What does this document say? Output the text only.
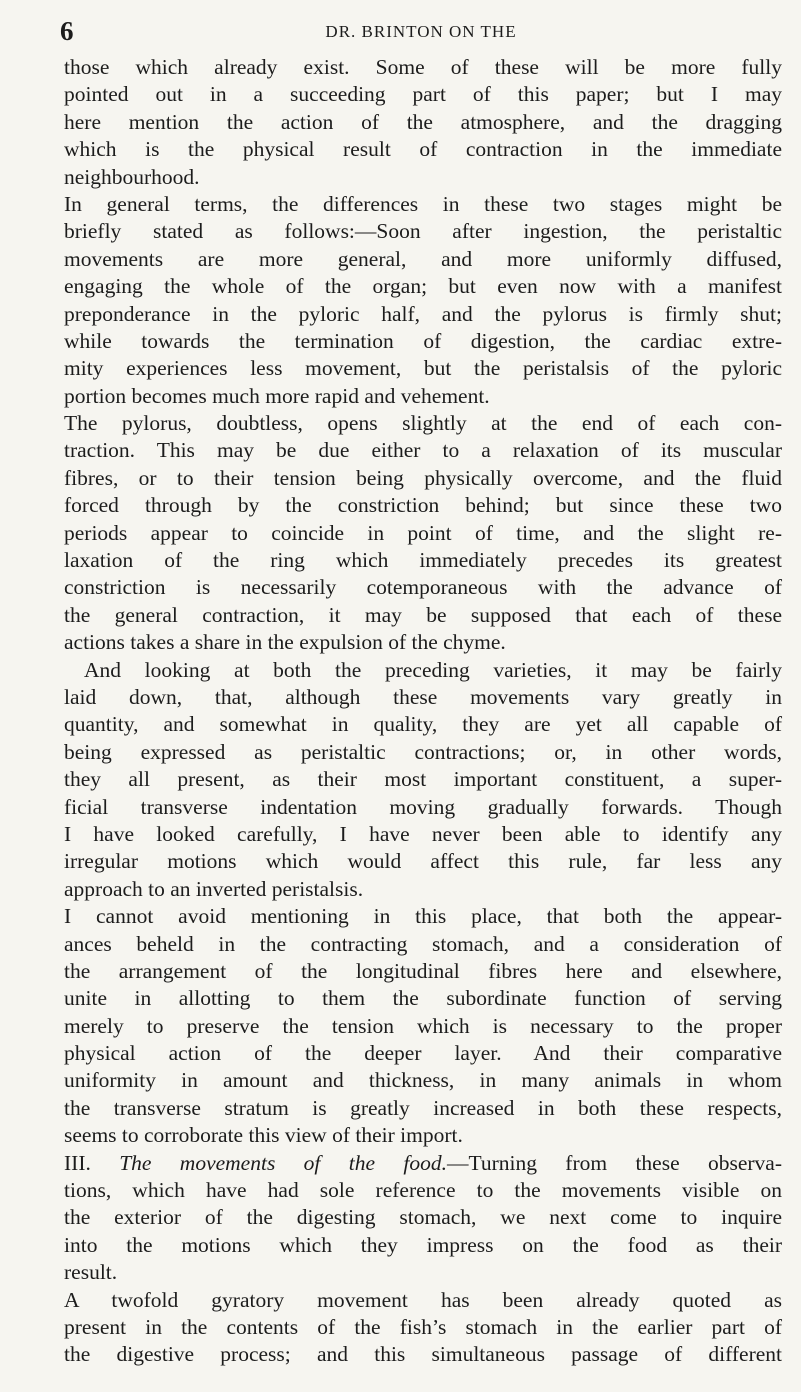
6	DR. BRINTON ON THE
those which already exist. Some of these will be more fully
pointed out in a succeeding part of this paper; but I may
here mention the action of the atmosphere, and the dragging
which is the physical result of contraction in the immediate
neighbourhood.
In general terms, the differences in these two stages might be
briefly stated as follows:—Soon after ingestion, the peristaltic
movements are more general, and more uniformly diffused,
engaging the whole of the organ; but even now with a manifest
preponderance in the pyloric half, and the pylorus is firmly shut;
while towards the termination of digestion, the cardiac extre-
mity experiences less movement, but the peristalsis of the pyloric
portion becomes much more rapid and vehement.
The pylorus, doubtless, opens slightly at the end of each con-
traction. This may be due either to a relaxation of its muscular
fibres, or to their tension being physically overcome, and the fluid
forced through by the constriction behind; but since these two
periods appear to coincide in point of time, and the slight re-
laxation of the ring which immediately precedes its greatest
constriction is necessarily cotemporaneous with the advance of
the general contraction, it may be supposed that each of these
actions takes a share in the expulsion of the chyme.
And looking at both the preceding varieties, it may be fairly
laid down, that, although these movements vary greatly in
quantity, and somewhat in quality, they are yet all capable of
being expressed as peristaltic contractions; or, in other words,
they all present, as their most important constituent, a super-
ficial transverse indentation moving gradually forwards. Though
I have looked carefully, I have never been able to identify any
irregular motions which would affect this rule, far less any
approach to an inverted peristalsis.
I cannot avoid mentioning in this place, that both the appear-
ances beheld in the contracting stomach, and a consideration of
the arrangement of the longitudinal fibres here and elsewhere,
unite in allotting to them the subordinate function of serving
merely to preserve the tension which is necessary to the proper
physical action of the deeper layer. And their comparative
uniformity in amount and thickness, in many animals in whom
the transverse stratum is greatly increased in both these respects,
seems to corroborate this view of their import.
III. The movements of the food.—Turning from these observa-
tions, which have had sole reference to the movements visible on
the exterior of the digesting stomach, we next come to inquire
into the motions which they impress on the food as their
result.
A twofold gyratory movement has been already quoted as
present in the contents of the fish’s stomach in the earlier part of
the digestive process; and this simultaneous passage of different
